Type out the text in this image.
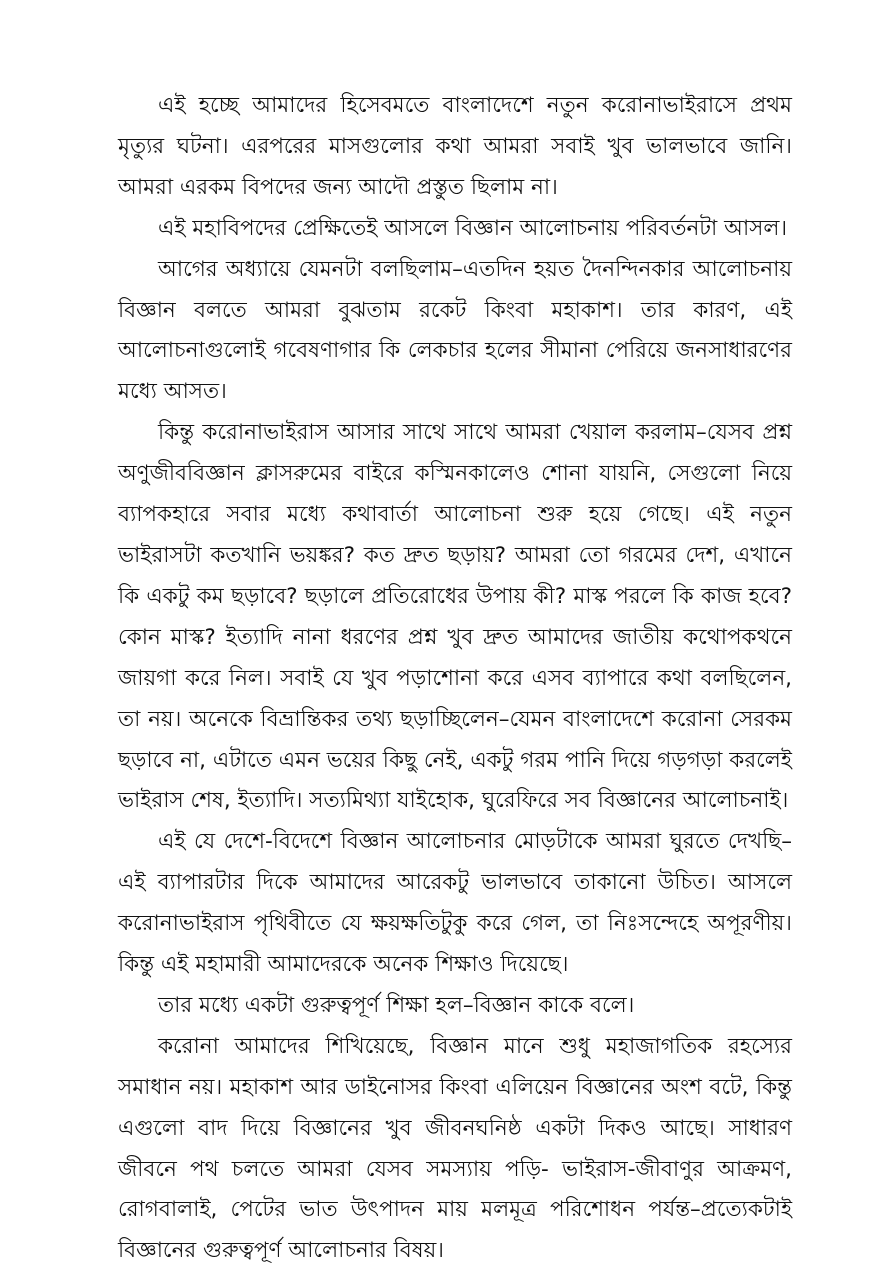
এই হচ্ছে আমাদের হিসেবমতে বাংলাদেশে নতুন করোনাভাইরাসে প্রথম মৃত্যুর ঘটনা। এরপরের মাসগুলোর কথা আমরা সবাই খুব ভালভাবে জানি। আমরা এরকম বিপদের জন্য আদৌ প্রস্তুত ছিলাম না।

এই মহাবিপদের প্রেক্ষিতেই আসলে বিজ্ঞান আলোচনায় পরিবর্তনটা আসল।

আগের অধ্যায়ে যেমনটা বলছিলাম–এতদিন হয়ত দৈনন্দিনকার আলোচনায় বিজ্ঞান বলতে আমরা বুঝতাম রকেট কিংবা মহাকাশ। তার কারণ, এই আলোচনাগুলোই গবেষণাগার কি লেকচার হলের সীমানা পেরিয়ে জনসাধারণের মধ্যে আসত।

কিন্তু করোনাভাইরাস আসার সাথে সাথে আমরা খেয়াল করলাম–যেসব প্রশ্ন অণুজীববিজ্ঞান ক্লাসরুমের বাইরে কস্মিনকালেও শোনা যায়নি, সেগুলো নিয়ে ব্যাপকহারে সবার মধ্যে কথাবার্তা আলোচনা শুরু হয়ে গেছে। এই নতুন ভাইরাসটা কতখানি ভয়ঙ্কর? কত দ্রুত ছড়ায়? আমরা তো গরমের দেশ, এখানে কি একটু কম ছড়াবে? ছড়ালে প্রতিরোধের উপায় কী? মাস্ক পরলে কি কাজ হবে? কোন মাস্ক? ইত্যাদি নানা ধরণের প্রশ্ন খুব দ্রুত আমাদের জাতীয় কথোপকথনে জায়গা করে নিল। সবাই যে খুব পড়াশোনা করে এসব ব্যাপারে কথা বলছিলেন, তা নয়। অনেকে বিভ্রান্তিকর তথ্য ছড়াচ্ছিলেন–যেমন বাংলাদেশে করোনা সেরকম ছড়াবে না, এটাতে এমন ভয়ের কিছু নেই, একটু গরম পানি দিয়ে গড়গড়া করলেই ভাইরাস শেষ, ইত্যাদি। সত্যমিথ্যা যাইহোক, ঘুরেফিরে সব বিজ্ঞানের আলোচনাই।

এই যে দেশে-বিদেশে বিজ্ঞান আলোচনার মোড়টাকে আমরা ঘুরতে দেখছি– এই ব্যাপারটার দিকে আমাদের আরেকটু ভালভাবে তাকানো উচিত। আসলে করোনাভাইরাস পৃথিবীতে যে ক্ষয়ক্ষতিটুকু করে গেল, তা নিঃসন্দেহে অপূরণীয়। কিন্তু এই মহামারী আমাদেরকে অনেক শিক্ষাও দিয়েছে।

তার মধ্যে একটা গুরুত্বপূর্ণ শিক্ষা হল–বিজ্ঞান কাকে বলে।

করোনা আমাদের শিখিয়েছে, বিজ্ঞান মানে শুধু মহাজাগতিক রহস্যের সমাধান নয়। মহাকাশ আর ডাইনোসর কিংবা এলিয়েন বিজ্ঞানের অংশ বটে, কিন্তু এগুলো বাদ দিয়ে বিজ্ঞানের খুব জীবনঘনিষ্ঠ একটা দিকও আছে। সাধারণ জীবনে পথ চলতে আমরা যেসব সমস্যায় পড়ি- ভাইরাস-জীবাণুর আক্রমণ, রোগবালাই, পেটের ভাত উৎপাদন মায় মলমূত্র পরিশোধন পর্যন্ত–প্রত্যেকটাই বিজ্ঞানের গুরুত্বপূর্ণ আলোচনার বিষয়।
